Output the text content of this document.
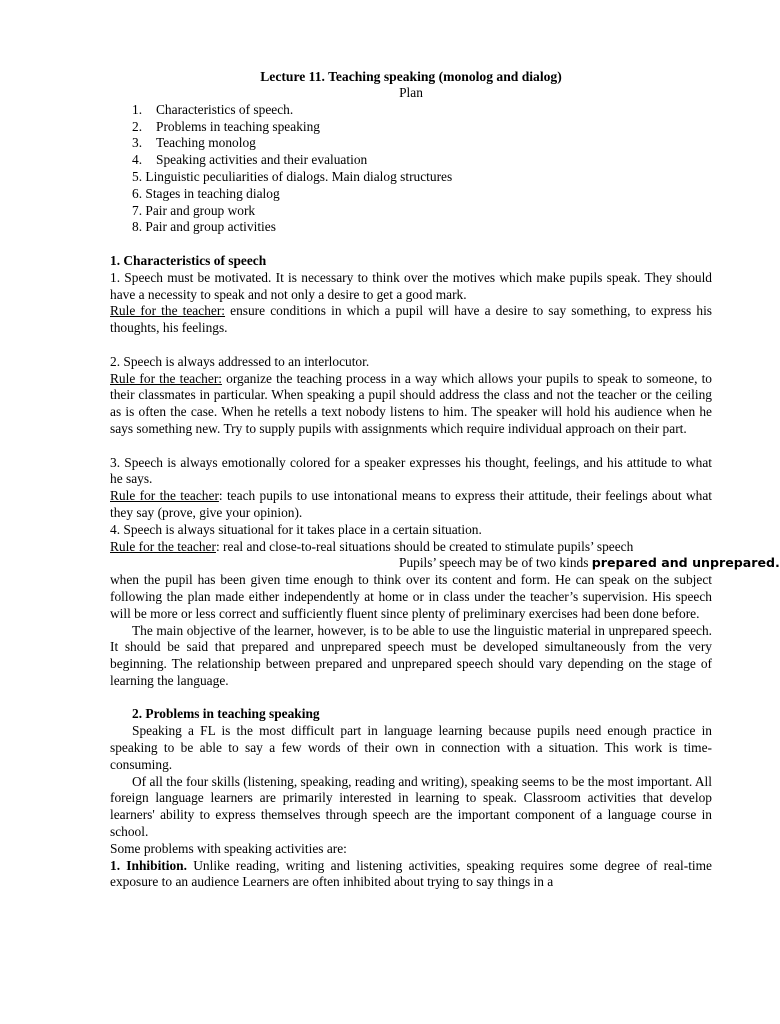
Lecture 11. Teaching speaking (monolog and dialog)
Plan
1. Characteristics of speech.
2. Problems in teaching speaking
3. Teaching monolog
4. Speaking activities and their evaluation
5. Linguistic peculiarities of dialogs. Main dialog structures
6. Stages in teaching dialog
7. Pair and group work
8. Pair and group activities
1. Characteristics of speech

1. Speech must be motivated. It is necessary to think over the motives which make pupils speak. They should have a necessity to speak and not only a desire to get a good mark.

Rule for the teacher: ensure conditions in which a pupil will have a desire to say something, to express his thoughts, his feelings.

2. Speech is always addressed to an interlocutor.

Rule for the teacher: organize the teaching process in a way which allows your pupils to speak to someone, to their classmates in particular. When speaking a pupil should address the class and not the teacher or the ceiling as is often the case. When he retells a text nobody listens to him. The speaker will hold his audience when he says something new. Try to supply pupils with assignments which require individual approach on their part.

3. Speech is always emotionally colored for a speaker expresses his thought, feelings, and his attitude to what he says.

Rule for the teacher: teach pupils to use intonational means to express their attitude, their feelings about what they say (prove, give your opinion).

4. Speech is always situational for it takes place in a certain situation.

Rule for the teacher: real and close-to-real situations should be created to stimulate pupils’ speech

Pupils’ speech may be of two kinds prepared and unprepared.

when the pupil has been given time enough to think over its content and form. He can speak on the subject following the plan made either independently at home or in class under the teacher’s supervision. His speech will be more or less correct and sufficiently fluent since plenty of preliminary exercises had been done before.

The main objective of the learner, however, is to be able to use the linguistic material in unprepared speech. It should be said that prepared and unprepared speech must be developed simultaneously from the very beginning. The relationship between prepared and unprepared speech should vary depending on the stage of learning the language.

2. Problems in teaching speaking

Speaking a FL is the most difficult part in language learning because pupils need enough practice in speaking to be able to say a few words of their own in connection with a situation. This work is time-consuming.

Of all the four skills (listening, speaking, reading and writing), speaking seems to be the most important. All foreign language learners are primarily interested in learning to speak. Classroom activities that develop learners' ability to express themselves through speech are the important component of a language course in school.

Some problems with speaking activities are:

1. Inhibition. Unlike reading, writing and listening activities, speaking requires some degree of real-time exposure to an audience Learners are often inhibited about trying to say things in a
